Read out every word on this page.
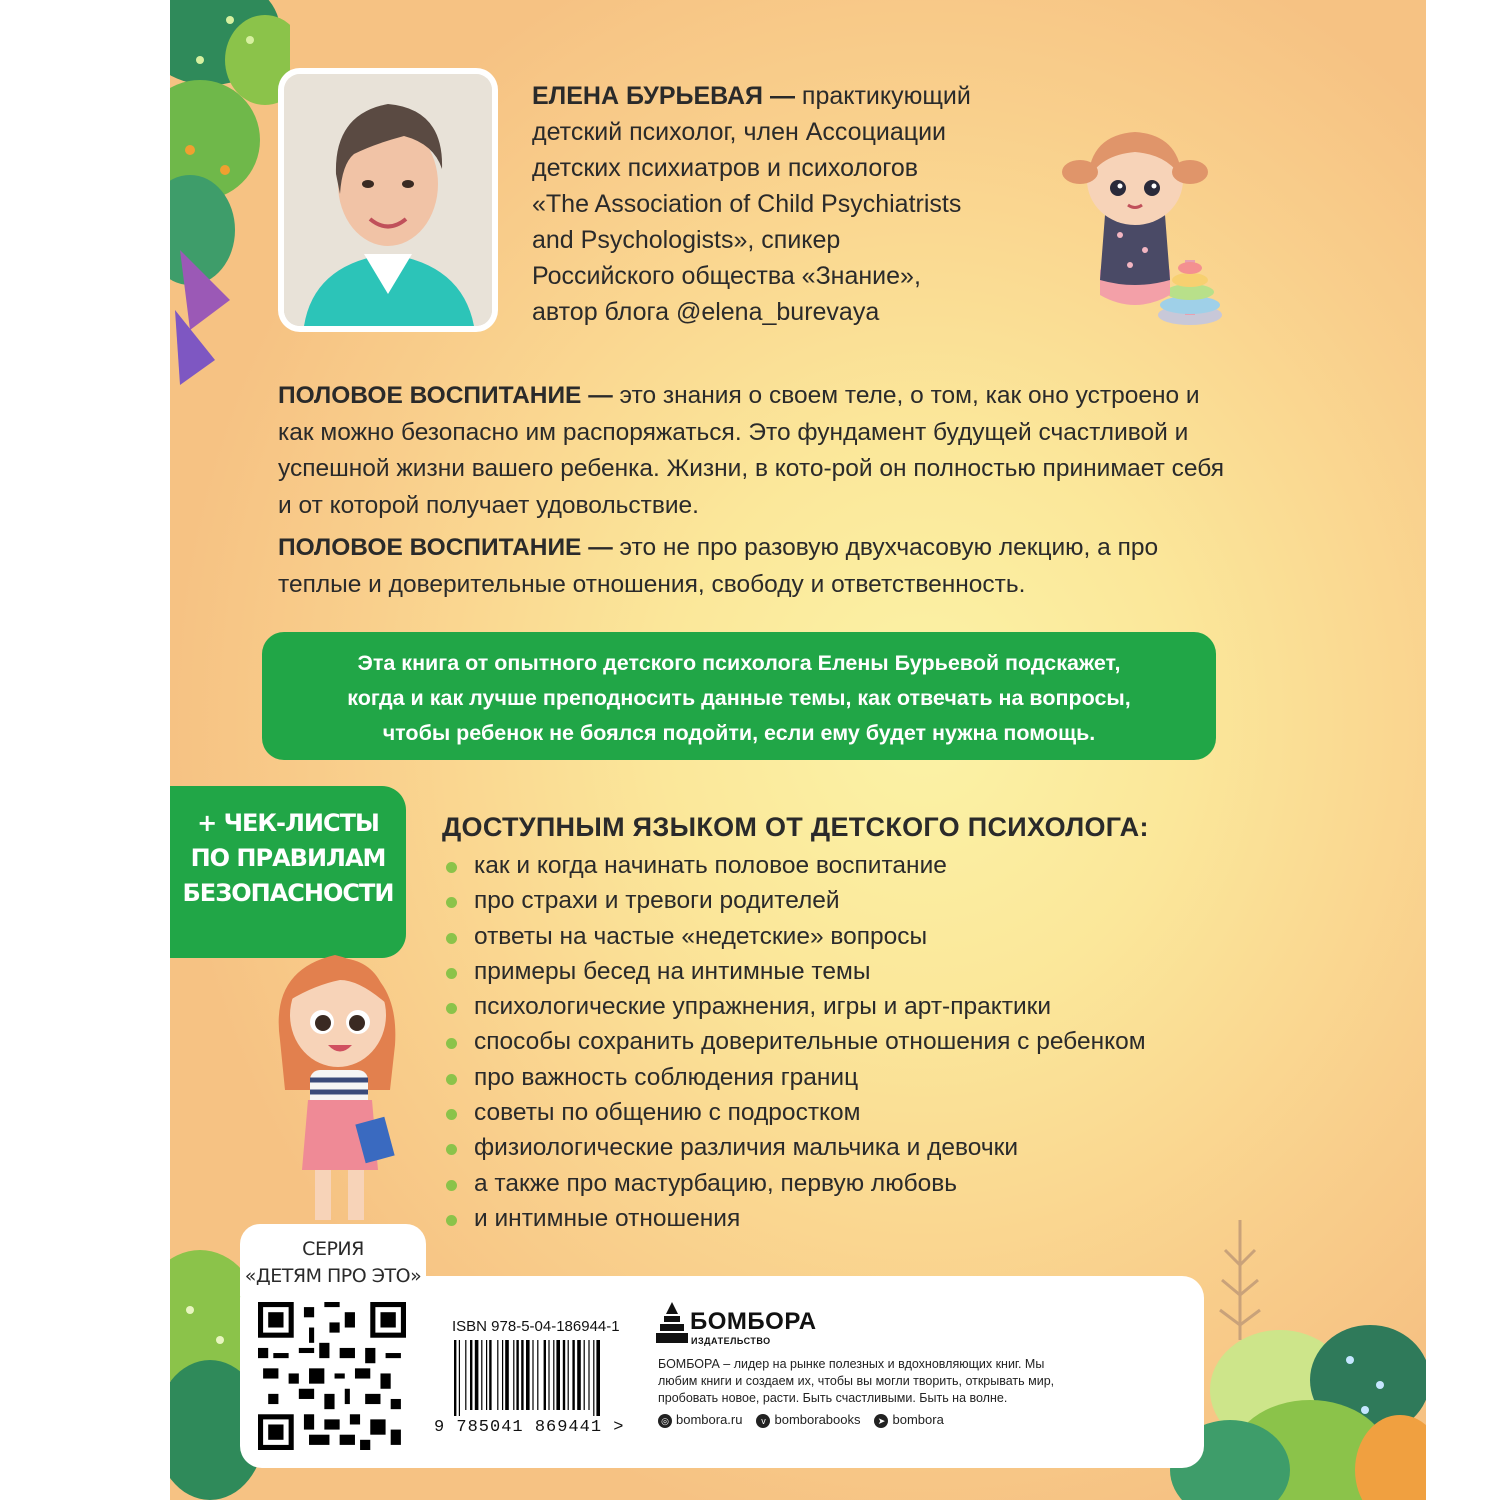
ЕЛЕНА БУРЬЕВАЯ — практикующий
детский психолог, член Ассоциации
детских психиатров и психологов
«The Association of Child Psychiatrists
and Psychologists», спикер
Российского общества «Знание»,
автор блога @elena_burevaya
ПОЛОВОЕ ВОСПИТАНИЕ — это знания о своем теле, о том, как оно устроено и как можно безопасно им распоряжаться. Это фундамент будущей счастливой и успешной жизни вашего ребенка. Жизни, в кото-рой он полностью принимает себя и от которой получает удовольствие.
ПОЛОВОЕ ВОСПИТАНИЕ — это не про разовую двухчасовую лекцию, а про теплые и доверительные отношения, свободу и ответственность.
Эта книга от опытного детского психолога Елены Бурьевой подскажет,
когда и как лучше преподносить данные темы, как отвечать на вопросы,
чтобы ребенок не боялся подойти, если ему будет нужна помощь.
+ ЧЕК-ЛИСТЫ
ПО ПРАВИЛАМ
БЕЗОПАСНОСТИ
ДОСТУПНЫМ ЯЗЫКОМ ОТ ДЕТСКОГО ПСИХОЛОГА:
как и когда начинать половое воспитание
про страхи и тревоги родителей
ответы на частые «недетские» вопросы
примеры бесед на интимные темы
психологические упражнения, игры и арт-практики
способы сохранить доверительные отношения с ребенком
про важность соблюдения границ
советы по общению с подростком
физиологические различия мальчика и девочки
а также про мастурбацию, первую любовь
и интимные отношения
СЕРИЯ
«ДЕТЯМ ПРО ЭТО»
ISBN 978-5-04-186944-1
9 785041 869441 >
БОМБОРА
ИЗДАТЕЛЬСТВО
БОМБОРА – лидер на рынке полезных и вдохновляющих книг. Мы любим книги и создаем их, чтобы вы могли творить, открывать мир, пробовать новое, расти. Быть счастливыми. Быть на волне.
◎ bombora.ru	v bomborabooks	➤ bombora
